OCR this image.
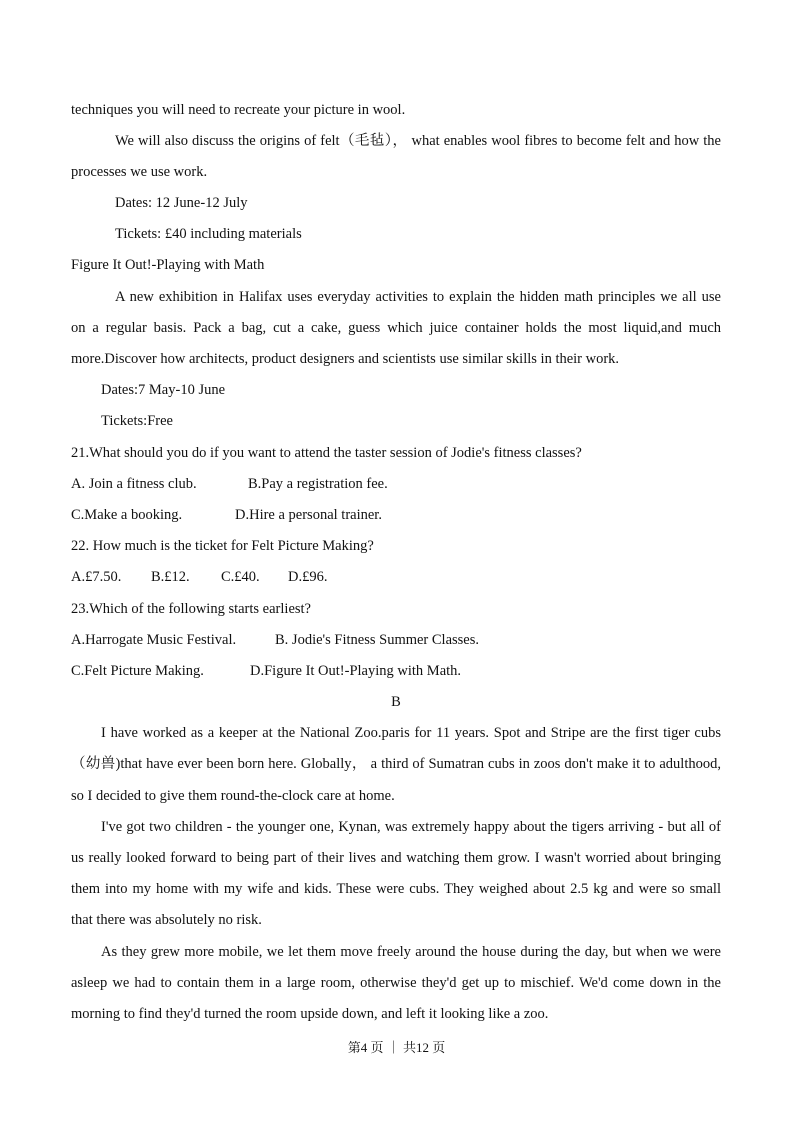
techniques you will need to recreate your picture in wool.
We will also discuss the origins of felt（毛毡）， what enables wool fibres to become felt and how the
processes we use work.
Dates: 12 June-12 July
Tickets: £40 including materials
Figure It Out!-Playing with Math
A new exhibition in Halifax uses everyday activities to explain the hidden math principles we all use
on a regular basis. Pack a bag, cut a cake, guess which juice container holds the most liquid,and much
more.Discover how architects, product designers and scientists use similar skills in their work.
Dates:7 May-10 June
Tickets:Free
21.What should you do if you want to attend the taster session of Jodie's fitness classes?
A. Join a fitness club.	B.Pay a registration fee.
C.Make a booking.	D.Hire a personal trainer.
22. How much is the ticket for Felt Picture Making?
A.£7.50. B.£12. C.£40. D.£96.
23.Which of the following starts earliest?
A.Harrogate Music Festival.	B. Jodie's Fitness Summer Classes.
C.Felt Picture Making.	D.Figure It Out!-Playing with Math.
B
I have worked as a keeper at the National Zoo.paris for 11 years. Spot and Stripe are the first tiger cubs
（幼兽)that have ever been born here. Globally， a third of Sumatran cubs in zoos don't make it to adulthood,
so I decided to give them round-the-clock care at home.
I've got two children - the younger one, Kynan, was extremely happy about the tigers arriving - but all of
us really looked forward to being part of their lives and watching them grow. I wasn't worried about bringing
them into my home with my wife and kids. These were cubs. They weighed about 2.5 kg and were so small
that there was absolutely no risk.
As they grew more mobile, we let them move freely around the house during the day, but when we were
asleep we had to contain them in a large room, otherwise they'd get up to mischief. We'd come down in the
morning to find they'd turned the room upside down, and left it looking like a zoo.
第4 页 ｜ 共12 页
